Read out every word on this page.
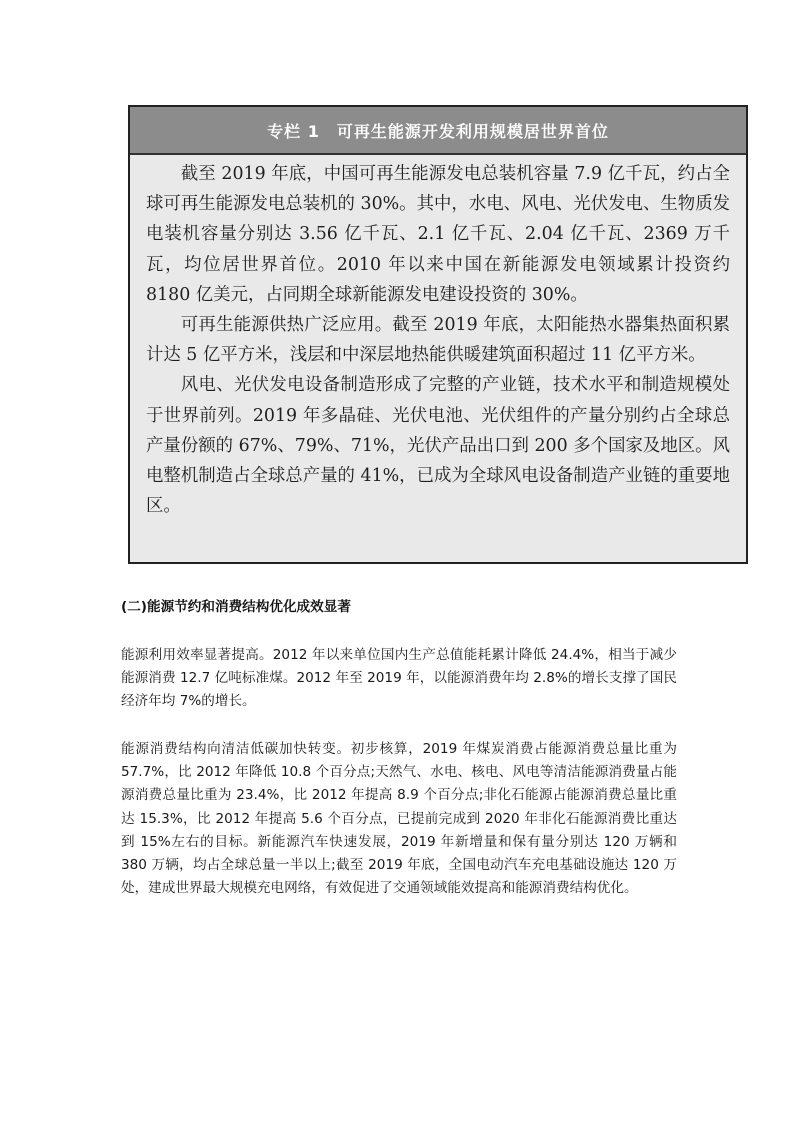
专栏 1　可再生能源开发利用规模居世界首位

截至 2019 年底，中国可再生能源发电总装机容量 7.9 亿千瓦，约占全球可再生能源发电总装机的 30%。其中，水电、风电、光伏发电、生物质发电装机容量分别达 3.56 亿千瓦、2.1 亿千瓦、2.04 亿千瓦、2369 万千瓦，均位居世界首位。2010 年以来中国在新能源发电领域累计投资约 8180 亿美元，占同期全球新能源发电建设投资的 30%。

可再生能源供热广泛应用。截至 2019 年底，太阳能热水器集热面积累计达 5 亿平方米，浅层和中深层地热能供暖建筑面积超过 11 亿平方米。

风电、光伏发电设备制造形成了完整的产业链，技术水平和制造规模处于世界前列。2019 年多晶硅、光伏电池、光伏组件的产量分别约占全球总产量份额的 67%、79%、71%，光伏产品出口到 200 多个国家及地区。风电整机制造占全球总产量的 41%，已成为全球风电设备制造产业链的重要地区。

(二)能源节约和消费结构优化成效显著

能源利用效率显著提高。2012 年以来单位国内生产总值能耗累计降低 24.4%，相当于减少能源消费 12.7 亿吨标准煤。2012 年至 2019 年，以能源消费年均 2.8%的增长支撑了国民经济年均 7%的增长。

能源消费结构向清洁低碳加快转变。初步核算，2019 年煤炭消费占能源消费总量比重为 57.7%，比 2012 年降低 10.8 个百分点;天然气、水电、核电、风电等清洁能源消费量占能源消费总量比重为 23.4%，比 2012 年提高 8.9 个百分点;非化石能源占能源消费总量比重达 15.3%，比 2012 年提高 5.6 个百分点，已提前完成到 2020 年非化石能源消费比重达到 15%左右的目标。新能源汽车快速发展，2019 年新增量和保有量分别达 120 万辆和 380 万辆，均占全球总量一半以上;截至 2019 年底，全国电动汽车充电基础设施达 120 万处，建成世界最大规模充电网络，有效促进了交通领域能效提高和能源消费结构优化。
